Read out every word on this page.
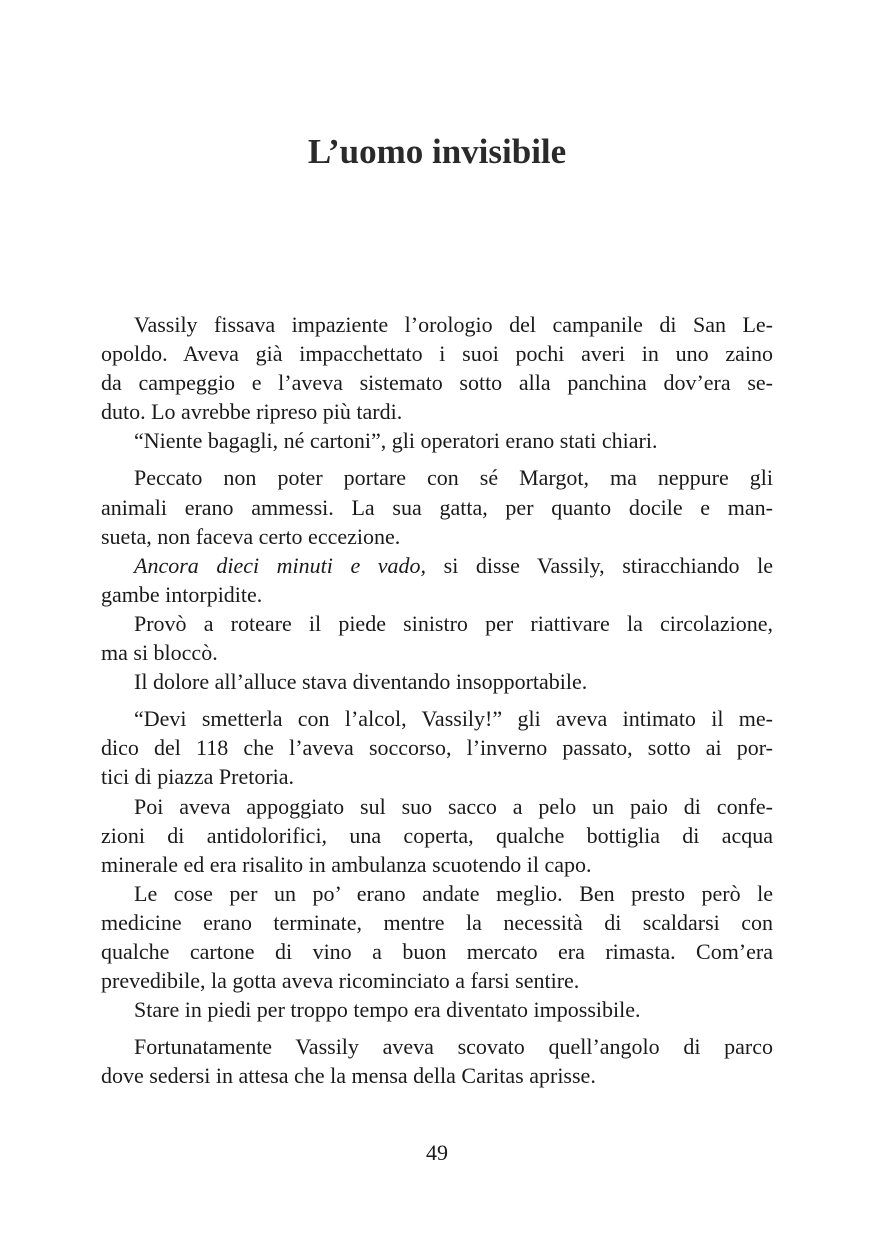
L’uomo invisibile
Vassily fissava impaziente l’orologio del campanile di San Le-
opoldo. Aveva già impacchettato i suoi pochi averi in uno zaino
da campeggio e l’aveva sistemato sotto alla panchina dov’era se-
duto. Lo avrebbe ripreso più tardi.
“Niente bagagli, né cartoni”, gli operatori erano stati chiari.
Peccato non poter portare con sé Margot, ma neppure gli
animali erano ammessi. La sua gatta, per quanto docile e man-
sueta, non faceva certo eccezione.
Ancora dieci minuti e vado, si disse Vassily, stiracchiando le
gambe intorpidite.
Provò a roteare il piede sinistro per riattivare la circolazione,
ma si bloccò.
Il dolore all’alluce stava diventando insopportabile.
“Devi smetterla con l’alcol, Vassily!” gli aveva intimato il me-
dico del 118 che l’aveva soccorso, l’inverno passato, sotto ai por-
tici di piazza Pretoria.
Poi aveva appoggiato sul suo sacco a pelo un paio di confe-
zioni di antidolorifici, una coperta, qualche bottiglia di acqua
minerale ed era risalito in ambulanza scuotendo il capo.
Le cose per un po’ erano andate meglio. Ben presto però le
medicine erano terminate, mentre la necessità di scaldarsi con
qualche cartone di vino a buon mercato era rimasta. Com’era
prevedibile, la gotta aveva ricominciato a farsi sentire.
Stare in piedi per troppo tempo era diventato impossibile.
Fortunatamente Vassily aveva scovato quell’angolo di parco
dove sedersi in attesa che la mensa della Caritas aprisse.
49
